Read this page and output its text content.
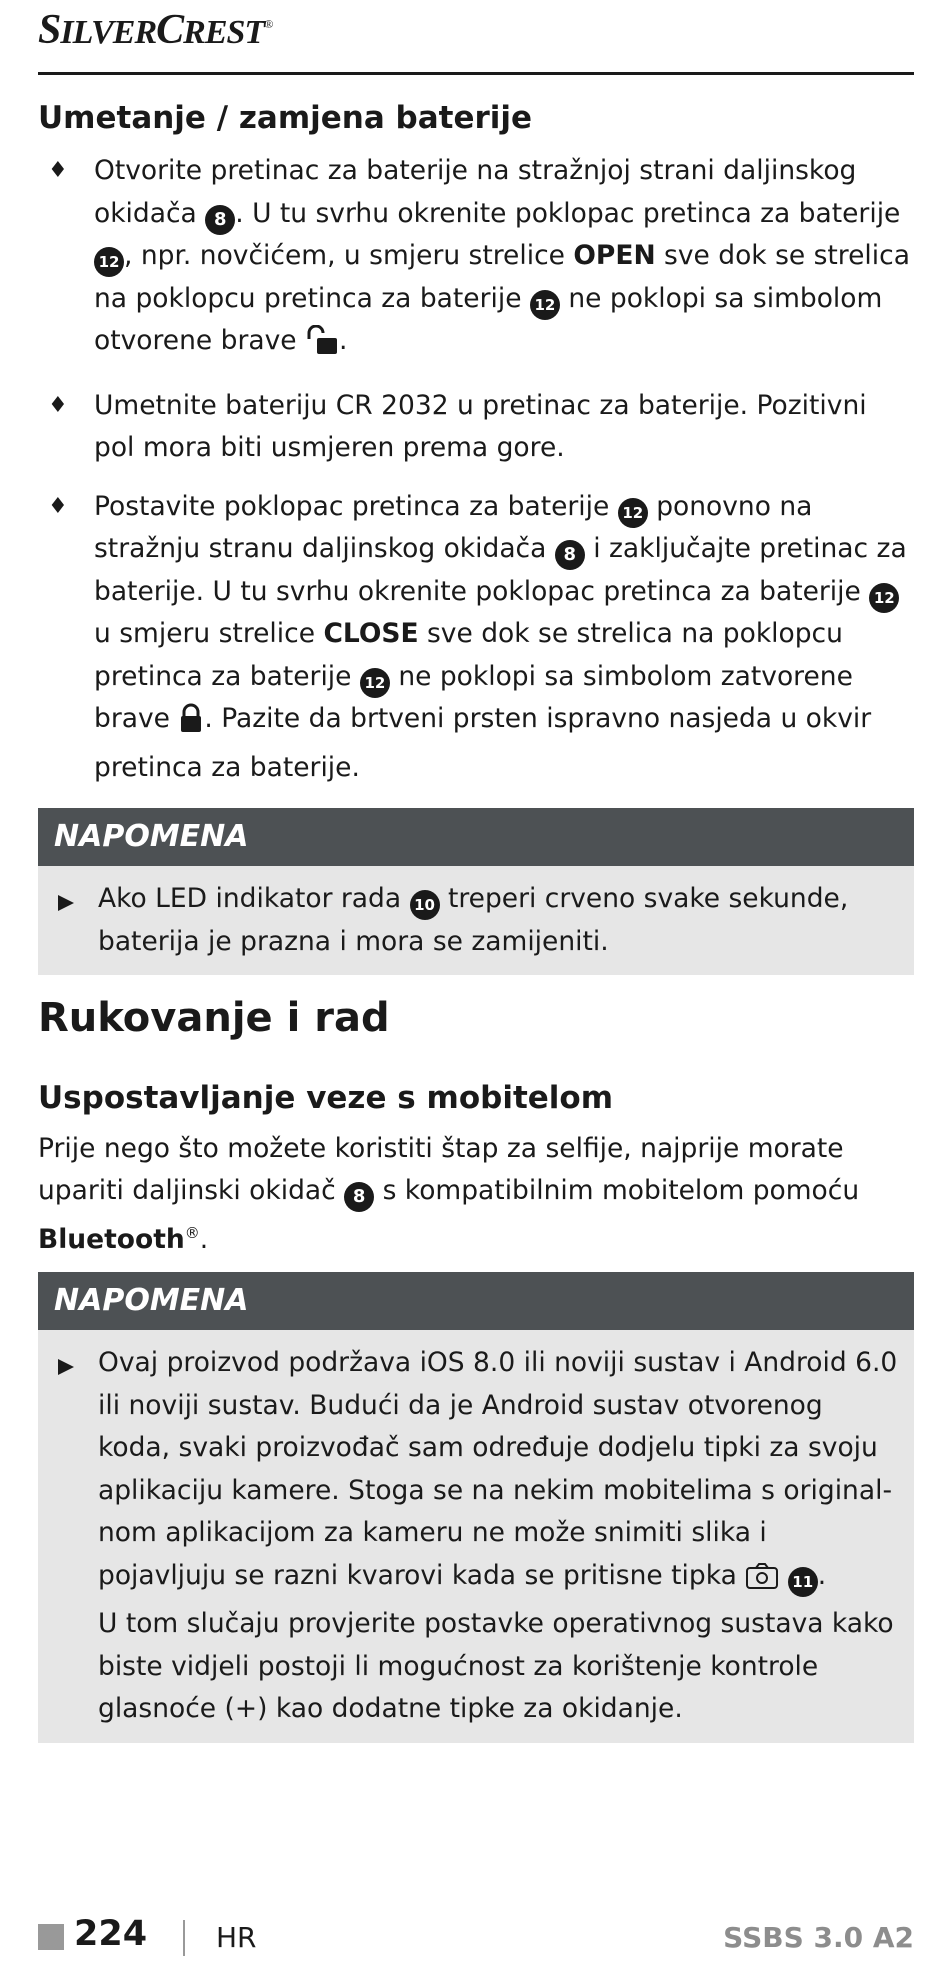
SILVERCREST®
Umetanje / zamjena baterije
♦ Otvorite pretinac za baterije na stražnjoj strani daljinskog okidača 8 . U tu svrhu okrenite poklopac pretinca za baterije 12 , npr. novčićem, u smjeru strelice OPEN sve dok se strelica na poklopcu pretinca za baterije 12 ne poklopi sa simbolom otvorene brave .
♦ Umetnite bateriju CR 2032 u pretinac za baterije. Pozitivni pol mora biti usmjeren prema gore.
♦ Postavite poklopac pretinca za baterije 12 ponovno na stražnju stranu daljinskog okidača 8 i zaključajte pretinac za baterije. U tu svrhu okrenite poklopac pretinca za baterije 12 u smjeru strelice CLOSE sve dok se strelica na poklopcu pretinca za baterije 12 ne poklopi sa simbolom zatvorene brave . Pazite da brtveni prsten ispravno nasjeda u okvir pretinca za baterije.
NAPOMENA
Ako LED indikator rada 10 treperi crveno svake sekunde, baterija je prazna i mora se zamijeniti.
Rukovanje i rad
Uspostavljanje veze s mobitelom
Prije nego što možete koristiti štap za selfije, najprije morate upariti daljinski okidač 8 s kompatibilnim mobitelom pomoću Bluetooth®.
NAPOMENA
Ovaj proizvod podržava iOS 8.0 ili noviji sustav i Android 6.0 ili noviji sustav. Budući da je Android sustav otvorenog koda, svaki proizvođač sam određuje dodjelu tipki za svoju aplikaciju kamere. Stoga se na nekim mobitelima s original-nom aplikacijom za kameru ne može snimiti slika i pojavljuju se razni kvarovi kada se pritisne tipka	11 .
U tom slučaju provjerite postavke operativnog sustava kako biste vidjeli postoji li mogućnost za korištenje kontrole glasnoće (+) kao dodatne tipke za okidanje.
224 HR	SSBS 3.0 A2
